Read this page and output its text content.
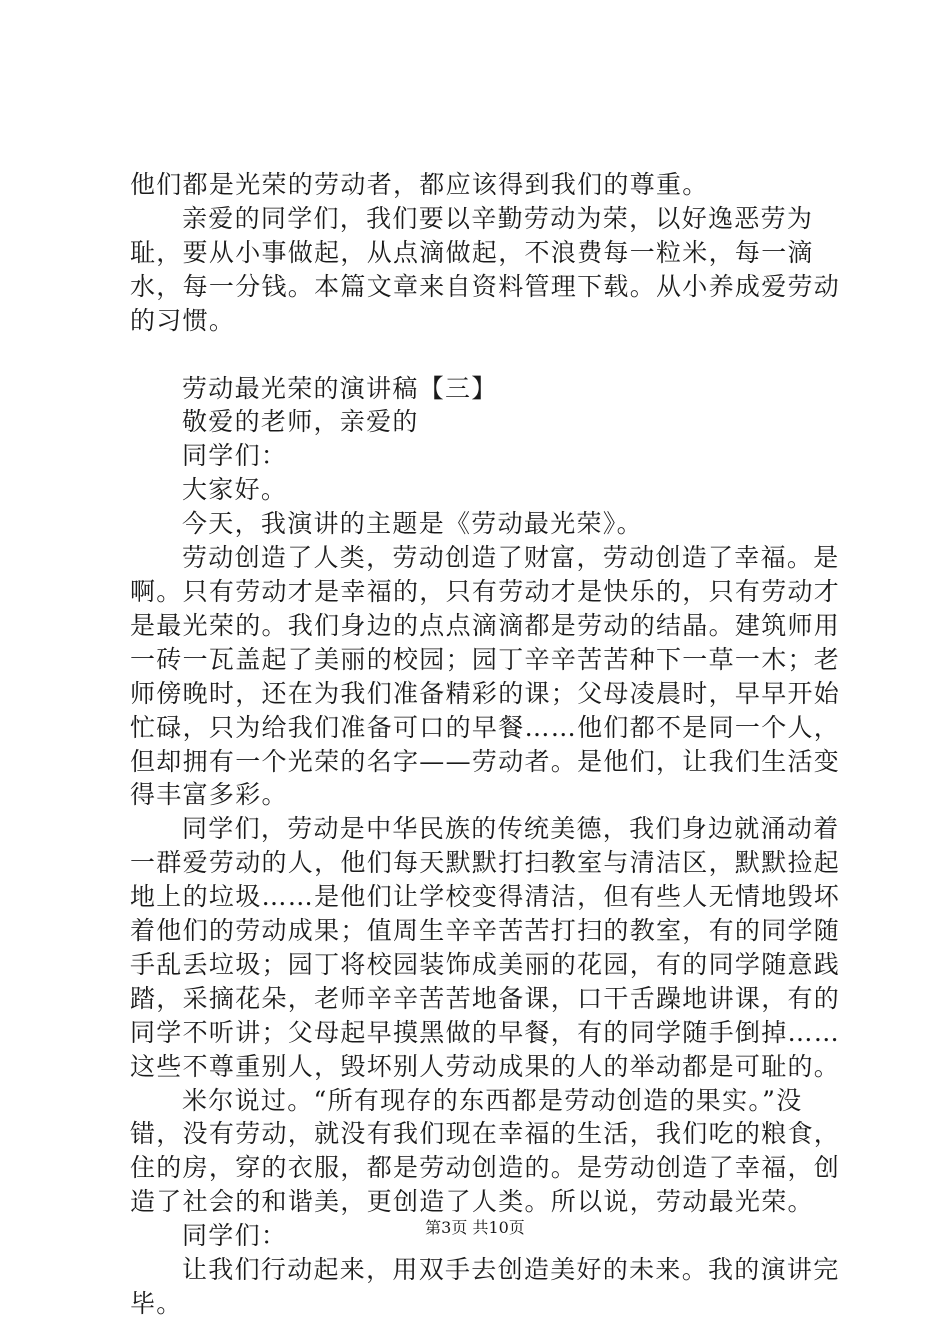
他们都是光荣的劳动者，都应该得到我们的尊重。

亲爱的同学们，我们要以辛勤劳动为荣，以好逸恶劳为耻，要从小事做起，从点滴做起，不浪费每一粒米，每一滴水，每一分钱。本篇文章来自资料管理下载。从小养成爱劳动的习惯。

劳动最光荣的演讲稿【三】

敬爱的老师，亲爱的

同学们：

大家好。

今天，我演讲的主题是《劳动最光荣》。

劳动创造了人类，劳动创造了财富，劳动创造了幸福。是啊。只有劳动才是幸福的，只有劳动才是快乐的，只有劳动才是最光荣的。我们身边的点点滴滴都是劳动的结晶。建筑师用一砖一瓦盖起了美丽的校园；园丁辛辛苦苦种下一草一木；老师傍晚时，还在为我们准备精彩的课；父母凌晨时，早早开始忙碌，只为给我们准备可口的早餐……他们都不是同一个人，但却拥有一个光荣的名字——劳动者。是他们，让我们生活变得丰富多彩。

同学们，劳动是中华民族的传统美德，我们身边就涌动着一群爱劳动的人，他们每天默默打扫教室与清洁区，默默捡起地上的垃圾……是他们让学校变得清洁，但有些人无情地毁坏着他们的劳动成果；值周生辛辛苦苦打扫的教室，有的同学随手乱丢垃圾；园丁将校园装饰成美丽的花园，有的同学随意践踏，采摘花朵，老师辛辛苦苦地备课，口干舌躁地讲课，有的同学不听讲；父母起早摸黑做的早餐，有的同学随手倒掉……这些不尊重别人，毁坏别人劳动成果的人的举动都是可耻的。

米尔说过。“所有现存的东西都是劳动创造的果实。”没错，没有劳动，就没有我们现在幸福的生活，我们吃的粮食，住的房，穿的衣服，都是劳动创造的。是劳动创造了幸福，创造了社会的和谐美，更创造了人类。所以说，劳动最光荣。

同学们：

让我们行动起来，用双手去创造美好的未来。我的演讲完毕。

第3页 共10页
